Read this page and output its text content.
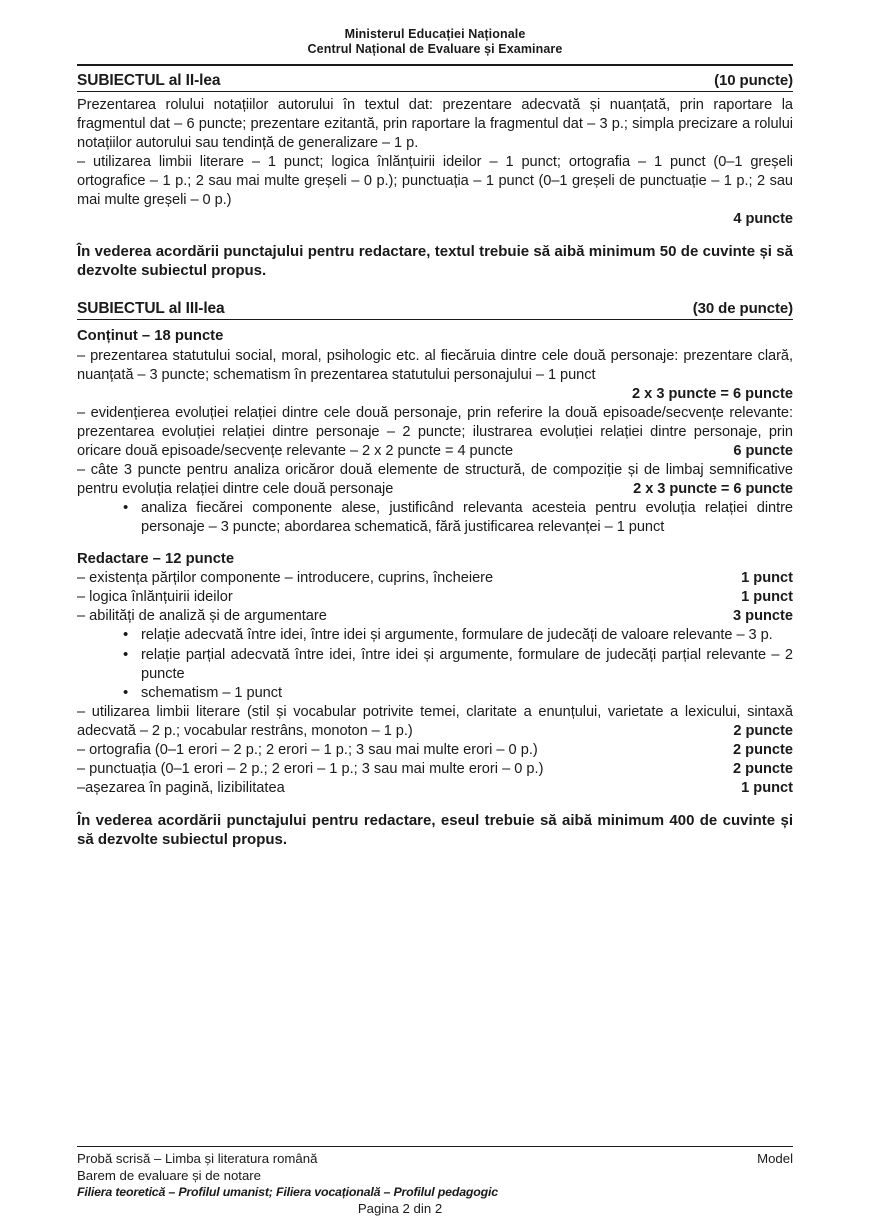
Ministerul Educației Naționale
Centrul Național de Evaluare și Examinare
SUBIECTUL al II-lea	(10 puncte)

Prezentarea rolului notațiilor autorului în textul dat: prezentare adecvată și nuanțată, prin raportare la fragmentul dat – 6 puncte; prezentare ezitantă, prin raportare la fragmentul dat – 3 p.; simpla precizare a rolului notațiilor autorului sau tendință de generalizare – 1 p.

– utilizarea limbii literare – 1 punct; logica înlănțuirii ideilor – 1 punct; ortografia – 1 punct (0–1 greșeli ortografice – 1 p.; 2 sau mai multe greșeli – 0 p.); punctuația – 1 punct (0–1 greșeli de punctuație – 1 p.; 2 sau mai multe greșeli – 0 p.)
4 puncte

În vederea acordării punctajului pentru redactare, textul trebuie să aibă minimum 50 de cuvinte și să dezvolte subiectul propus.

SUBIECTUL al III-lea	(30 de puncte)

Conținut – 18 puncte

– prezentarea statutului social, moral, psihologic etc. al fiecăruia dintre cele două personaje: prezentare clară, nuanțată – 3 puncte; schematism în prezentarea statutului personajului – 1 punct

2 x 3 puncte = 6 puncte
– evidențierea evoluției relației dintre cele două personaje, prin referire la două episoade/secvențe relevante: prezentarea evoluției relației dintre personaje – 2 puncte; ilustrarea evoluției relației dintre personaje, prin oricare două episoade/secvențe relevante – 2 x 2 puncte = 4 puncte	6 puncte
– câte 3 puncte pentru analiza oricăror două elemente de structură, de compoziție și de limbaj semnificative pentru evoluția relației dintre cele două personaje	2 x 3 puncte = 6 puncte
• analiza fiecărei componente alese, justificând relevanta acesteia pentru evoluția relației dintre personaje – 3 puncte; abordarea schematică, fără justificarea relevanței – 1 punct

Redactare – 12 puncte

– existența părților componente – introducere, cuprins, încheiere	1 punct
– logica înlănțuirii ideilor	1 punct
– abilități de analiză și de argumentare	3 puncte
• relație adecvată între idei, între idei și argumente, formulare de judecăți de valoare relevante – 3 p.
• relație parțial adecvată între idei, între idei și argumente, formulare de judecăți parțial relevante – 2 puncte
• schematism – 1 punct
– utilizarea limbii literare (stil și vocabular potrivite temei, claritate a enunțului, varietate a lexicului, sintaxă adecvată – 2 p.; vocabular restrâns, monoton – 1 p.)	2 puncte
– ortografia (0–1 erori – 2 p.; 2 erori – 1 p.; 3 sau mai multe erori – 0 p.)	2 puncte
– punctuația (0–1 erori – 2 p.; 2 erori – 1 p.; 3 sau mai multe erori – 0 p.)	2 puncte
–așezarea în pagină, lizibilitatea	1 punct

În vederea acordării punctajului pentru redactare, eseul trebuie să aibă minimum 400 de cuvinte și să dezvolte subiectul propus.

Probă scrisă – Limba și literatura română	Model
Barem de evaluare și de notare
Filiera teoretică – Profilul umanist; Filiera vocațională – Profilul pedagogic
Pagina 2 din 2
